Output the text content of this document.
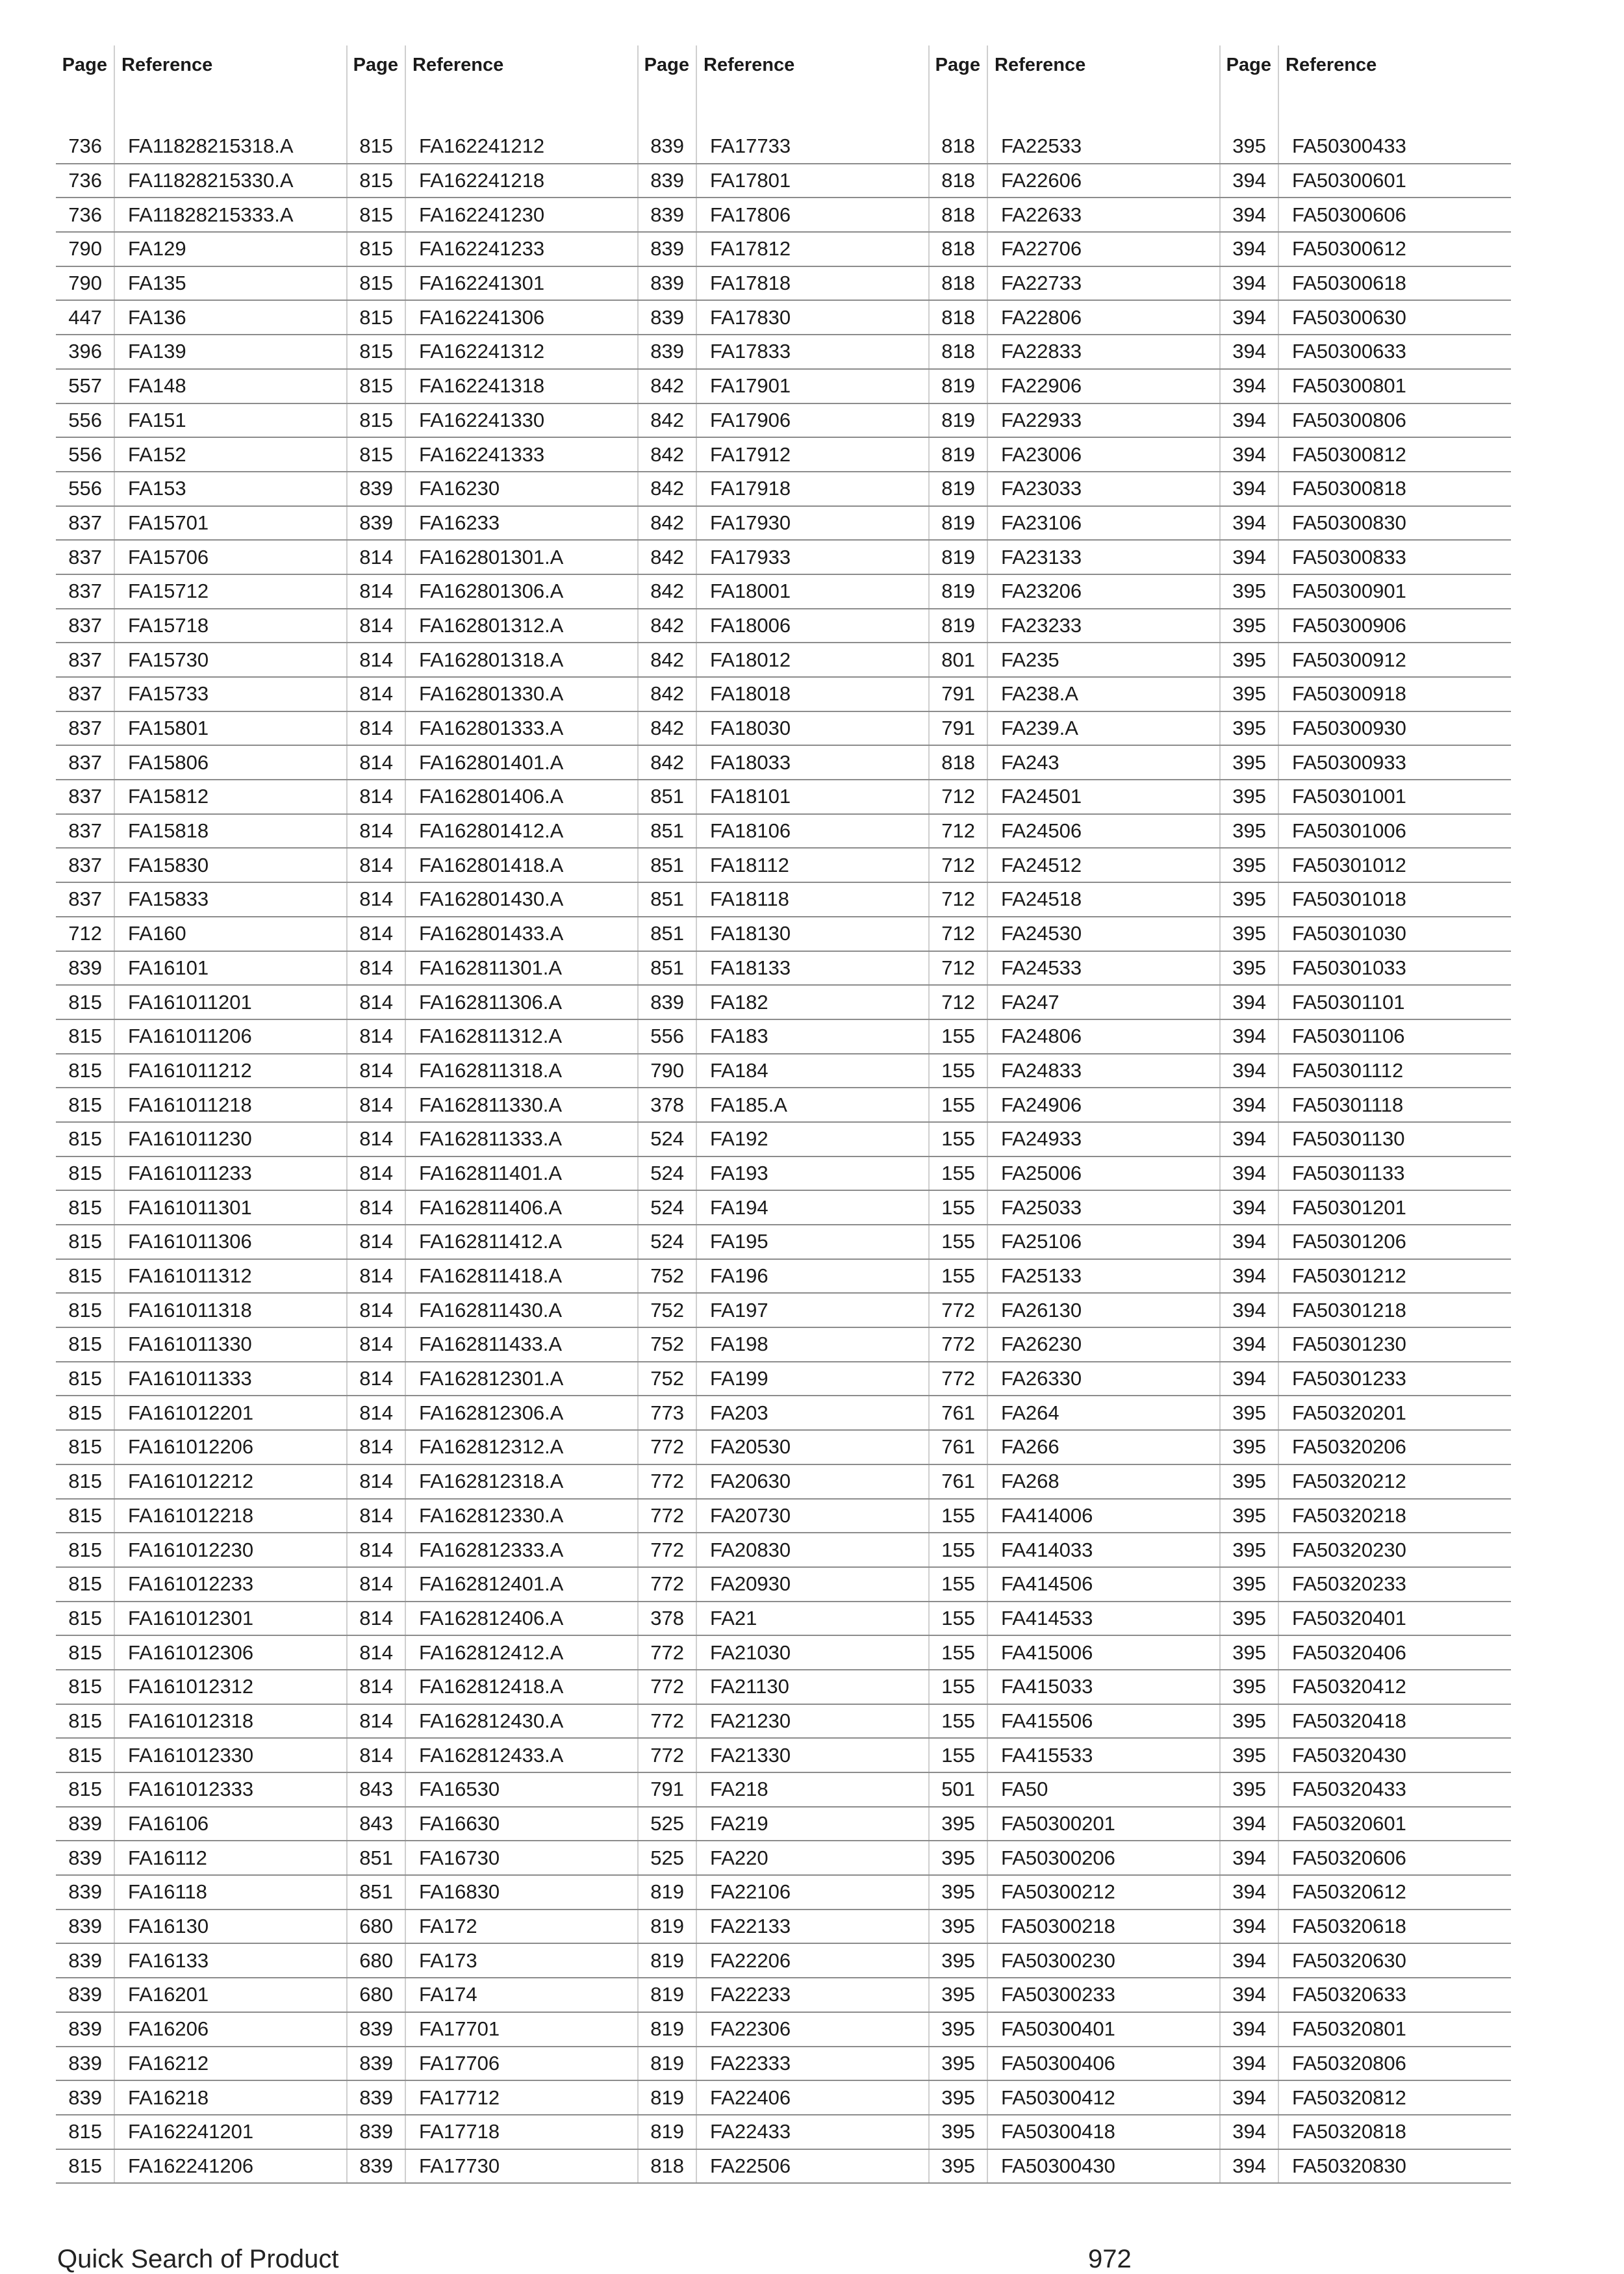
Page	Reference	Page	Reference	Page	Reference	Page	Reference	Page	Reference

736	FA11828215318.A	815	FA162241212	839	FA17733	818	FA22533	395	FA50300433
736	FA11828215330.A	815	FA162241218	839	FA17801	818	FA22606	394	FA50300601
736	FA11828215333.A	815	FA162241230	839	FA17806	818	FA22633	394	FA50300606
790	FA129	815	FA162241233	839	FA17812	818	FA22706	394	FA50300612
790	FA135	815	FA162241301	839	FA17818	818	FA22733	394	FA50300618
447	FA136	815	FA162241306	839	FA17830	818	FA22806	394	FA50300630
396	FA139	815	FA162241312	839	FA17833	818	FA22833	394	FA50300633
557	FA148	815	FA162241318	842	FA17901	819	FA22906	394	FA50300801
556	FA151	815	FA162241330	842	FA17906	819	FA22933	394	FA50300806
556	FA152	815	FA162241333	842	FA17912	819	FA23006	394	FA50300812
556	FA153	839	FA16230	842	FA17918	819	FA23033	394	FA50300818
837	FA15701	839	FA16233	842	FA17930	819	FA23106	394	FA50300830
837	FA15706	814	FA162801301.A	842	FA17933	819	FA23133	394	FA50300833
837	FA15712	814	FA162801306.A	842	FA18001	819	FA23206	395	FA50300901
837	FA15718	814	FA162801312.A	842	FA18006	819	FA23233	395	FA50300906
837	FA15730	814	FA162801318.A	842	FA18012	801	FA235	395	FA50300912
837	FA15733	814	FA162801330.A	842	FA18018	791	FA238.A	395	FA50300918
837	FA15801	814	FA162801333.A	842	FA18030	791	FA239.A	395	FA50300930
837	FA15806	814	FA162801401.A	842	FA18033	818	FA243	395	FA50300933
837	FA15812	814	FA162801406.A	851	FA18101	712	FA24501	395	FA50301001
837	FA15818	814	FA162801412.A	851	FA18106	712	FA24506	395	FA50301006
837	FA15830	814	FA162801418.A	851	FA18112	712	FA24512	395	FA50301012
837	FA15833	814	FA162801430.A	851	FA18118	712	FA24518	395	FA50301018
712	FA160	814	FA162801433.A	851	FA18130	712	FA24530	395	FA50301030
839	FA16101	814	FA162811301.A	851	FA18133	712	FA24533	395	FA50301033
815	FA161011201	814	FA162811306.A	839	FA182	712	FA247	394	FA50301101
815	FA161011206	814	FA162811312.A	556	FA183	155	FA24806	394	FA50301106
815	FA161011212	814	FA162811318.A	790	FA184	155	FA24833	394	FA50301112
815	FA161011218	814	FA162811330.A	378	FA185.A	155	FA24906	394	FA50301118
815	FA161011230	814	FA162811333.A	524	FA192	155	FA24933	394	FA50301130
815	FA161011233	814	FA162811401.A	524	FA193	155	FA25006	394	FA50301133
815	FA161011301	814	FA162811406.A	524	FA194	155	FA25033	394	FA50301201
815	FA161011306	814	FA162811412.A	524	FA195	155	FA25106	394	FA50301206
815	FA161011312	814	FA162811418.A	752	FA196	155	FA25133	394	FA50301212
815	FA161011318	814	FA162811430.A	752	FA197	772	FA26130	394	FA50301218
815	FA161011330	814	FA162811433.A	752	FA198	772	FA26230	394	FA50301230
815	FA161011333	814	FA162812301.A	752	FA199	772	FA26330	394	FA50301233
815	FA161012201	814	FA162812306.A	773	FA203	761	FA264	395	FA50320201
815	FA161012206	814	FA162812312.A	772	FA20530	761	FA266	395	FA50320206
815	FA161012212	814	FA162812318.A	772	FA20630	761	FA268	395	FA50320212
815	FA161012218	814	FA162812330.A	772	FA20730	155	FA414006	395	FA50320218
815	FA161012230	814	FA162812333.A	772	FA20830	155	FA414033	395	FA50320230
815	FA161012233	814	FA162812401.A	772	FA20930	155	FA414506	395	FA50320233
815	FA161012301	814	FA162812406.A	378	FA21	155	FA414533	395	FA50320401
815	FA161012306	814	FA162812412.A	772	FA21030	155	FA415006	395	FA50320406
815	FA161012312	814	FA162812418.A	772	FA21130	155	FA415033	395	FA50320412
815	FA161012318	814	FA162812430.A	772	FA21230	155	FA415506	395	FA50320418
815	FA161012330	814	FA162812433.A	772	FA21330	155	FA415533	395	FA50320430
815	FA161012333	843	FA16530	791	FA218	501	FA50	395	FA50320433
839	FA16106	843	FA16630	525	FA219	395	FA50300201	394	FA50320601
839	FA16112	851	FA16730	525	FA220	395	FA50300206	394	FA50320606
839	FA16118	851	FA16830	819	FA22106	395	FA50300212	394	FA50320612
839	FA16130	680	FA172	819	FA22133	395	FA50300218	394	FA50320618
839	FA16133	680	FA173	819	FA22206	395	FA50300230	394	FA50320630
839	FA16201	680	FA174	819	FA22233	395	FA50300233	394	FA50320633
839	FA16206	839	FA17701	819	FA22306	395	FA50300401	394	FA50320801
839	FA16212	839	FA17706	819	FA22333	395	FA50300406	394	FA50320806
839	FA16218	839	FA17712	819	FA22406	395	FA50300412	394	FA50320812
815	FA162241201	839	FA17718	819	FA22433	395	FA50300418	394	FA50320818
815	FA162241206	839	FA17730	818	FA22506	395	FA50300430	394	FA50320830
Quick Search of Product	972
